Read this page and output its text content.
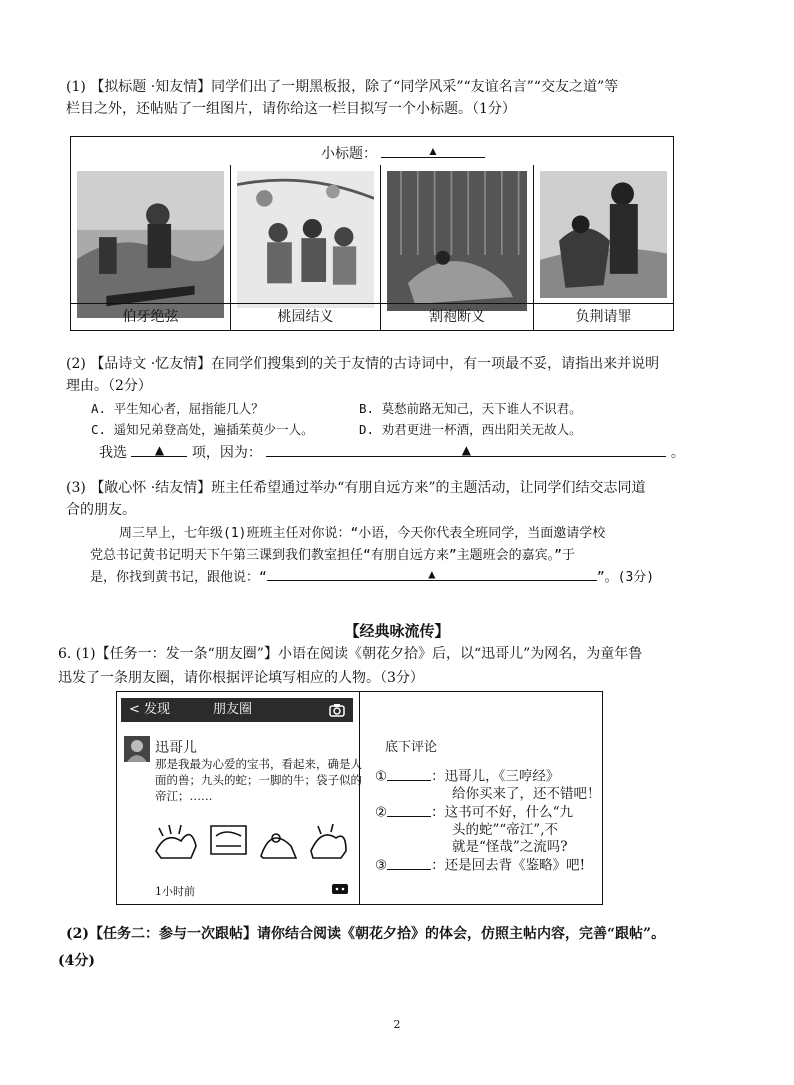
(1) 【拟标题 ·知友情】同学们出了一期黑板报，除了“同学风采”“友谊名言”“交友之道”等
栏目之外，还帖贴了一组图片，请你给这一栏目拟写一个小标题。（1分）
小标题：	▲
伯牙绝弦	桃园结义	割袍断义	负荆请罪
(2) 【品诗文 ·忆友情】在同学们搜集到的关于友情的古诗词中，有一项最不妥，请指出来并说明
理由。（2分）
A. 平生知心者，屈指能几人？	B. 莫愁前路无知己，天下谁人不识君。
C. 遥知兄弟登高处，遍插茱萸少一人。	D. 劝君更进一杯酒，西出阳关无故人。
我选 ▲ 项，因为：	▲	。
(3) 【敞心怀 ·结友情】班主任希望通过举办“有朋自远方来”的主题活动，让同学们结交志同道
合的朋友。
周三早上，七年级(1)班班主任对你说：“小语，今天你代表全班同学，当面邀请学校
党总书记黄书记明天下午第三课到我们教室担任“有朋自远方来”主题班会的嘉宾。”于
是，你找到黄书记，跟他说：“	▲	”。(3分)
【经典咏流传】
6. (1)【任务一：发一条“朋友圈”】小语在阅读《朝花夕拾》后，以“迅哥儿”为网名，为童年鲁
迅发了一条朋友圈，请你根据评论填写相应的人物。（3分）
< 发现	朋友圈
迅哥儿
那是我最为心爱的宝书，看起来，确是人
面的兽；九头的蛇；一脚的牛；袋子似的
帝江；……
1小时前
底下评论
①	：迅哥儿，《三哼经》
给你买来了，还不错吧！
②	：这书可不好，什么“九
头的蛇”“帝江”,不
就是“怪哉”之流吗?
③	：还是回去背《鉴略》吧!
(2)【任务二：参与一次跟帖】请你结合阅读《朝花夕拾》的体会，仿照主帖内容，完善“跟帖”。
(4分)
2
